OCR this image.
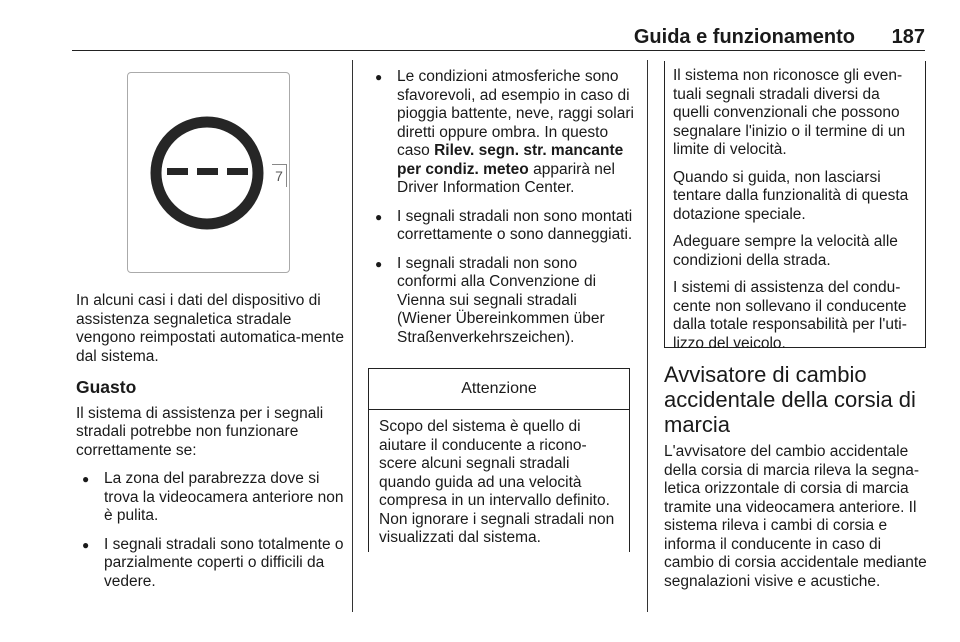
Guida e funzionamento 187
7

In alcuni casi i dati del dispositivo di assistenza segnaletica stradale vengono reimpostati automatica-mente dal sistema.

Guasto

Il sistema di assistenza per i segnali stradali potrebbe non funzionare correttamente se:

● La zona del parabrezza dove si trova la videocamera anteriore non è pulita.
● I segnali stradali sono totalmente o parzialmente coperti o difficili da vedere.
● Le condizioni atmosferiche sono sfavorevoli, ad esempio in caso di pioggia battente, neve, raggi solari diretti oppure ombra. In questo caso Rilev. segn. str. mancante per condiz. meteo apparirà nel Driver Information Center.
● I segnali stradali non sono montati correttamente o sono danneggiati.
● I segnali stradali non sono conformi alla Convenzione di Vienna sui segnali stradali (Wiener Übereinkommen über Straßenverkehrszeichen).
Attenzione
Scopo del sistema è quello di aiutare il conducente a ricono-scere alcuni segnali stradali quando guida ad una velocità compresa in un intervallo definito. Non ignorare i segnali stradali non visualizzati dal sistema.

Il sistema non riconosce gli even-tuali segnali stradali diversi da quelli convenzionali che possono segnalare l'inizio o il termine di un limite di velocità.

Quando si guida, non lasciarsi tentare dalla funzionalità di questa dotazione speciale.

Adeguare sempre la velocità alle condizioni della strada.

I sistemi di assistenza del condu-cente non sollevano il conducente dalla totale responsabilità per l'uti-lizzo del veicolo.

Avvisatore di cambio accidentale della corsia di marcia
L'avvisatore del cambio accidentale della corsia di marcia rileva la segna-letica orizzontale di corsia di marcia tramite una videocamera anteriore. Il sistema rileva i cambi di corsia e informa il conducente in caso di cambio di corsia accidentale mediante segnalazioni visive e acustiche.
